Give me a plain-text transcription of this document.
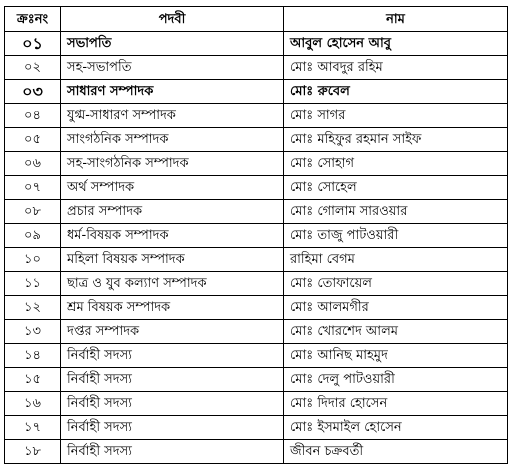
ক্রঃনং	পদবী	নাম
০১	সভাপতি	আবুল হোসেন আবু
০২	সহ-সভাপতি	মোঃ আবদুর রহিম
০৩	সাধারণ সম্পাদক	মোঃ রুবেল
০৪	যুগ্ম-সাধারণ সম্পাদক	মোঃ সাগর
০৫	সাংগঠনিক সম্পাদক	মোঃ মহিফুর রহমান সাইফ
০৬	সহ-সাংগঠনিক সম্পাদক	মোঃ সোহাগ
০৭	অর্থ সম্পাদক	মোঃ সোহেল
০৮	প্রচার সম্পাদক	মোঃ গোলাম সারওয়ার
০৯	ধর্ম-বিষয়ক সম্পাদক	মোঃ তাজু পাটওয়ারী
১০	মহিলা বিষয়ক সম্পাদক	রাহিমা বেগম
১১	ছাত্র ও যুব কল্যাণ সম্পাদক	মোঃ তোফায়েল
১২	শ্রম বিষয়ক সম্পাদক	মোঃ আলমগীর
১৩	দপ্তর সম্পাদক	মোঃ খোরশেদ আলম
১৪	নির্বাহী সদস্য	মোঃ আনিছ মাহমুদ
১৫	নির্বাহী সদস্য	মোঃ দেলু পাটওয়ারী
১৬	নির্বাহী সদস্য	মোঃ দিদার হোসেন
১৭	নির্বাহী সদস্য	মোঃ ইসমাইল হোসেন
১৮	নির্বাহী সদস্য	জীবন চক্রবর্তী
